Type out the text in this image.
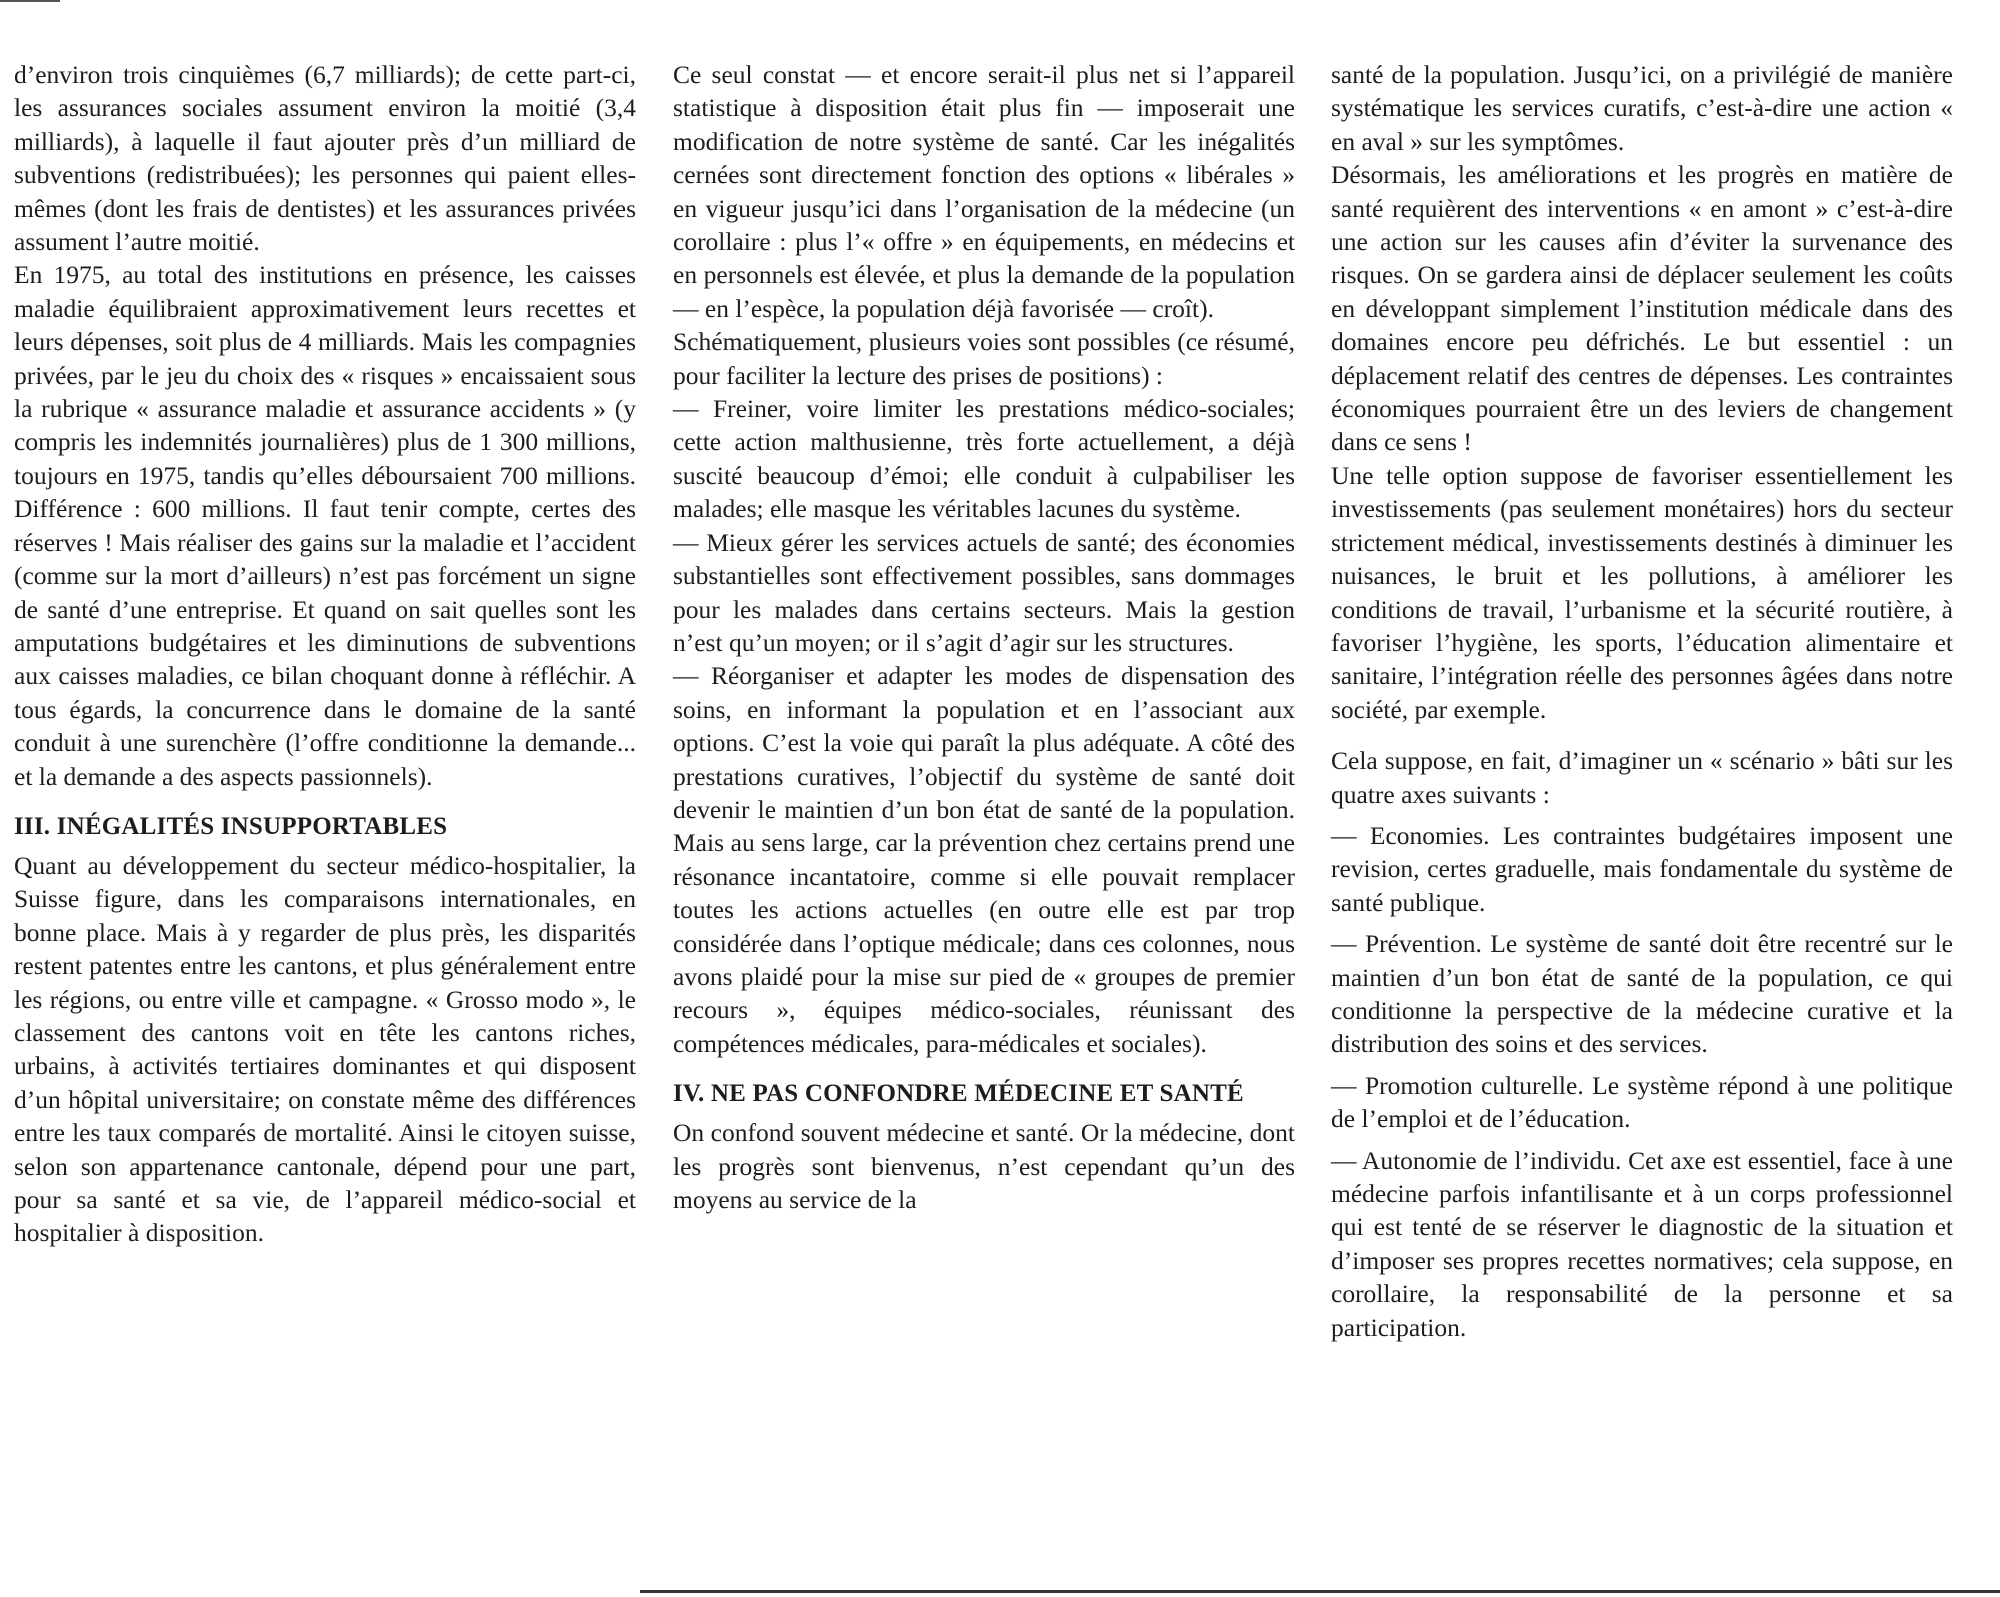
d’environ trois cinquièmes (6,7 milliards); de cette part-ci, les assurances sociales assument environ la moitié (3,4 milliards), à laquelle il faut ajouter près d’un milliard de subventions (redistribuées); les personnes qui paient elles-mêmes (dont les frais de dentistes) et les assurances privées assument l’autre moitié.

En 1975, au total des institutions en présence, les caisses maladie équilibraient approximativement leurs recettes et leurs dépenses, soit plus de 4 milliards. Mais les compagnies privées, par le jeu du choix des « risques » encaissaient sous la rubrique « assurance maladie et assurance accidents » (y compris les indemnités journalières) plus de 1 300 millions, toujours en 1975, tandis qu’elles déboursaient 700 millions. Différence : 600 millions. Il faut tenir compte, certes des réserves ! Mais réaliser des gains sur la maladie et l’accident (comme sur la mort d’ailleurs) n’est pas forcément un signe de santé d’une entreprise. Et quand on sait quelles sont les amputations budgétaires et les diminutions de subventions aux caisses maladies, ce bilan choquant donne à réfléchir. A tous égards, la concurrence dans le domaine de la santé conduit à une surenchère (l’offre conditionne la demande... et la demande a des aspects passionnels).

III. INÉGALITÉS INSUPPORTABLES

Quant au développement du secteur médico-hospitalier, la Suisse figure, dans les comparaisons internationales, en bonne place. Mais à y regarder de plus près, les disparités restent patentes entre les cantons, et plus généralement entre les régions, ou entre ville et campagne. « Grosso modo », le classement des cantons voit en tête les cantons riches, urbains, à activités tertiaires dominantes et qui disposent d’un hôpital universitaire; on constate même des différences entre les taux comparés de mortalité. Ainsi le citoyen suisse, selon son appartenance cantonale, dépend pour une part, pour sa santé et sa vie, de l’appareil médico-social et hospitalier à disposition.

Ce seul constat — et encore serait-il plus net si l’appareil statistique à disposition était plus fin — imposerait une modification de notre système de santé. Car les inégalités cernées sont directement fonction des options « libérales » en vigueur jusqu’ici dans l’organisation de la médecine (un corollaire : plus l’« offre » en équipements, en médecins et en personnels est élevée, et plus la demande de la population — en l’espèce, la population déjà favorisée — croît).

Schématiquement, plusieurs voies sont possibles (ce résumé, pour faciliter la lecture des prises de positions) :

— Freiner, voire limiter les prestations médico-sociales; cette action malthusienne, très forte actuellement, a déjà suscité beaucoup d’émoi; elle conduit à culpabiliser les malades; elle masque les véritables lacunes du système.

— Mieux gérer les services actuels de santé; des économies substantielles sont effectivement possibles, sans dommages pour les malades dans certains secteurs. Mais la gestion n’est qu’un moyen; or il s’agit d’agir sur les structures.

— Réorganiser et adapter les modes de dispensation des soins, en informant la population et en l’associant aux options. C’est la voie qui paraît la plus adéquate. A côté des prestations curatives, l’objectif du système de santé doit devenir le maintien d’un bon état de santé de la population. Mais au sens large, car la prévention chez certains prend une résonance incantatoire, comme si elle pouvait remplacer toutes les actions actuelles (en outre elle est par trop considérée dans l’optique médicale; dans ces colonnes, nous avons plaidé pour la mise sur pied de « groupes de premier recours », équipes médico-sociales, réunissant des compétences médicales, para-médicales et sociales).

IV. NE PAS CONFONDRE MÉDECINE ET SANTÉ

On confond souvent médecine et santé. Or la médecine, dont les progrès sont bienvenus, n’est cependant qu’un des moyens au service de la

santé de la population. Jusqu’ici, on a privilégié de manière systématique les services curatifs, c’est-à-dire une action « en aval » sur les symptômes.

Désormais, les améliorations et les progrès en matière de santé requièrent des interventions « en amont » c’est-à-dire une action sur les causes afin d’éviter la survenance des risques. On se gardera ainsi de déplacer seulement les coûts en développant simplement l’institution médicale dans des domaines encore peu défrichés. Le but essentiel : un déplacement relatif des centres de dépenses. Les contraintes économiques pourraient être un des leviers de changement dans ce sens !

Une telle option suppose de favoriser essentiellement les investissements (pas seulement monétaires) hors du secteur strictement médical, investissements destinés à diminuer les nuisances, le bruit et les pollutions, à améliorer les conditions de travail, l’urbanisme et la sécurité routière, à favoriser l’hygiène, les sports, l’éducation alimentaire et sanitaire, l’intégration réelle des personnes âgées dans notre société, par exemple.

Cela suppose, en fait, d’imaginer un « scénario » bâti sur les quatre axes suivants :

— Economies. Les contraintes budgétaires imposent une revision, certes graduelle, mais fondamentale du système de santé publique.

— Prévention. Le système de santé doit être recentré sur le maintien d’un bon état de santé de la population, ce qui conditionne la perspective de la médecine curative et la distribution des soins et des services.

— Promotion culturelle. Le système répond à une politique de l’emploi et de l’éducation.

— Autonomie de l’individu. Cet axe est essentiel, face à une médecine parfois infantilisante et à un corps professionnel qui est tenté de se réserver le diagnostic de la situation et d’imposer ses propres recettes normatives; cela suppose, en corollaire, la responsabilité de la personne et sa participation.
